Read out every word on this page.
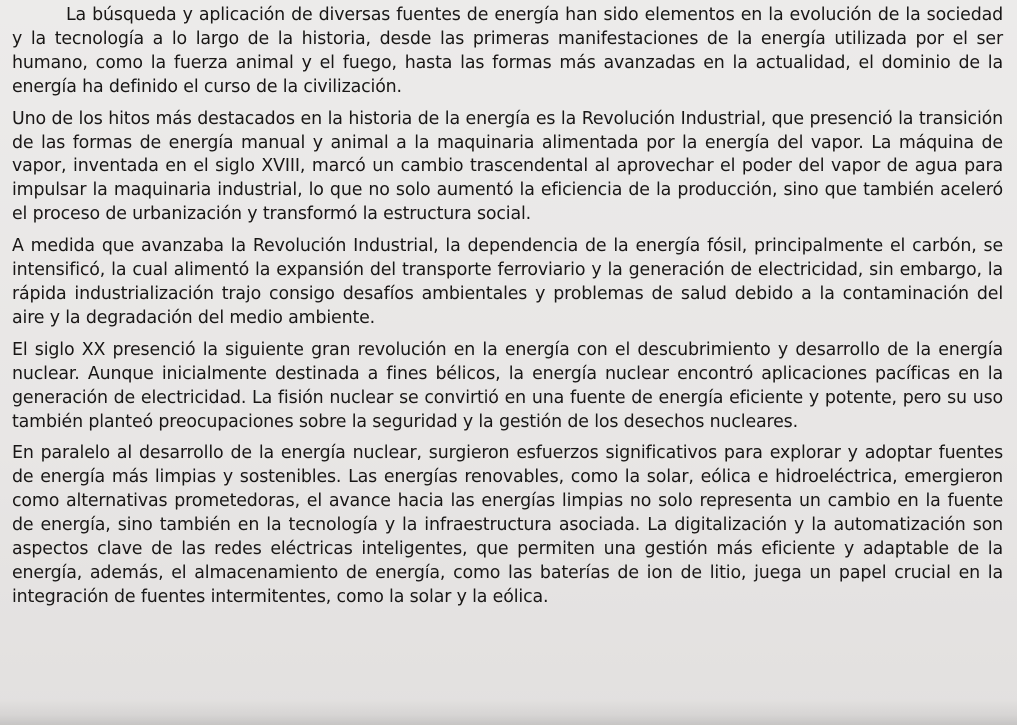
La búsqueda y aplicación de diversas fuentes de energía han sido elementos en la evolución de la sociedad y la tecnología a lo largo de la historia, desde las primeras manifestaciones de la energía utilizada por el ser humano, como la fuerza animal y el fuego, hasta las formas más avanzadas en la actualidad, el dominio de la energía ha definido el curso de la civilización.

Uno de los hitos más destacados en la historia de la energía es la Revolución Industrial, que presenció la transición de las formas de energía manual y animal a la maquinaria alimentada por la energía del vapor. La máquina de vapor, inventada en el siglo XVIII, marcó un cambio trascendental al aprovechar el poder del vapor de agua para impulsar la maquinaria industrial, lo que no solo aumentó la eficiencia de la producción, sino que también aceleró el proceso de urbanización y transformó la estructura social.

A medida que avanzaba la Revolución Industrial, la dependencia de la energía fósil, principalmente el carbón, se intensificó, la cual alimentó la expansión del transporte ferroviario y la generación de electricidad, sin embargo, la rápida industrialización trajo consigo desafíos ambientales y problemas de salud debido a la contaminación del aire y la degradación del medio ambiente.

El siglo XX presenció la siguiente gran revolución en la energía con el descubrimiento y desarrollo de la energía nuclear. Aunque inicialmente destinada a fines bélicos, la energía nuclear encontró aplicaciones pacíficas en la generación de electricidad. La fisión nuclear se convirtió en una fuente de energía eficiente y potente, pero su uso también planteó preocupaciones sobre la seguridad y la gestión de los desechos nucleares.

En paralelo al desarrollo de la energía nuclear, surgieron esfuerzos significativos para explorar y adoptar fuentes de energía más limpias y sostenibles. Las energías renovables, como la solar, eólica e hidroeléctrica, emergieron como alternativas prometedoras, el avance hacia las energías limpias no solo representa un cambio en la fuente de energía, sino también en la tecnología y la infraestructura asociada. La digitalización y la automatización son aspectos clave de las redes eléctricas inteligentes, que permiten una gestión más eficiente y adaptable de la energía, además, el almacenamiento de energía, como las baterías de ion de litio, juega un papel crucial en la integración de fuentes intermitentes, como la solar y la eólica.
